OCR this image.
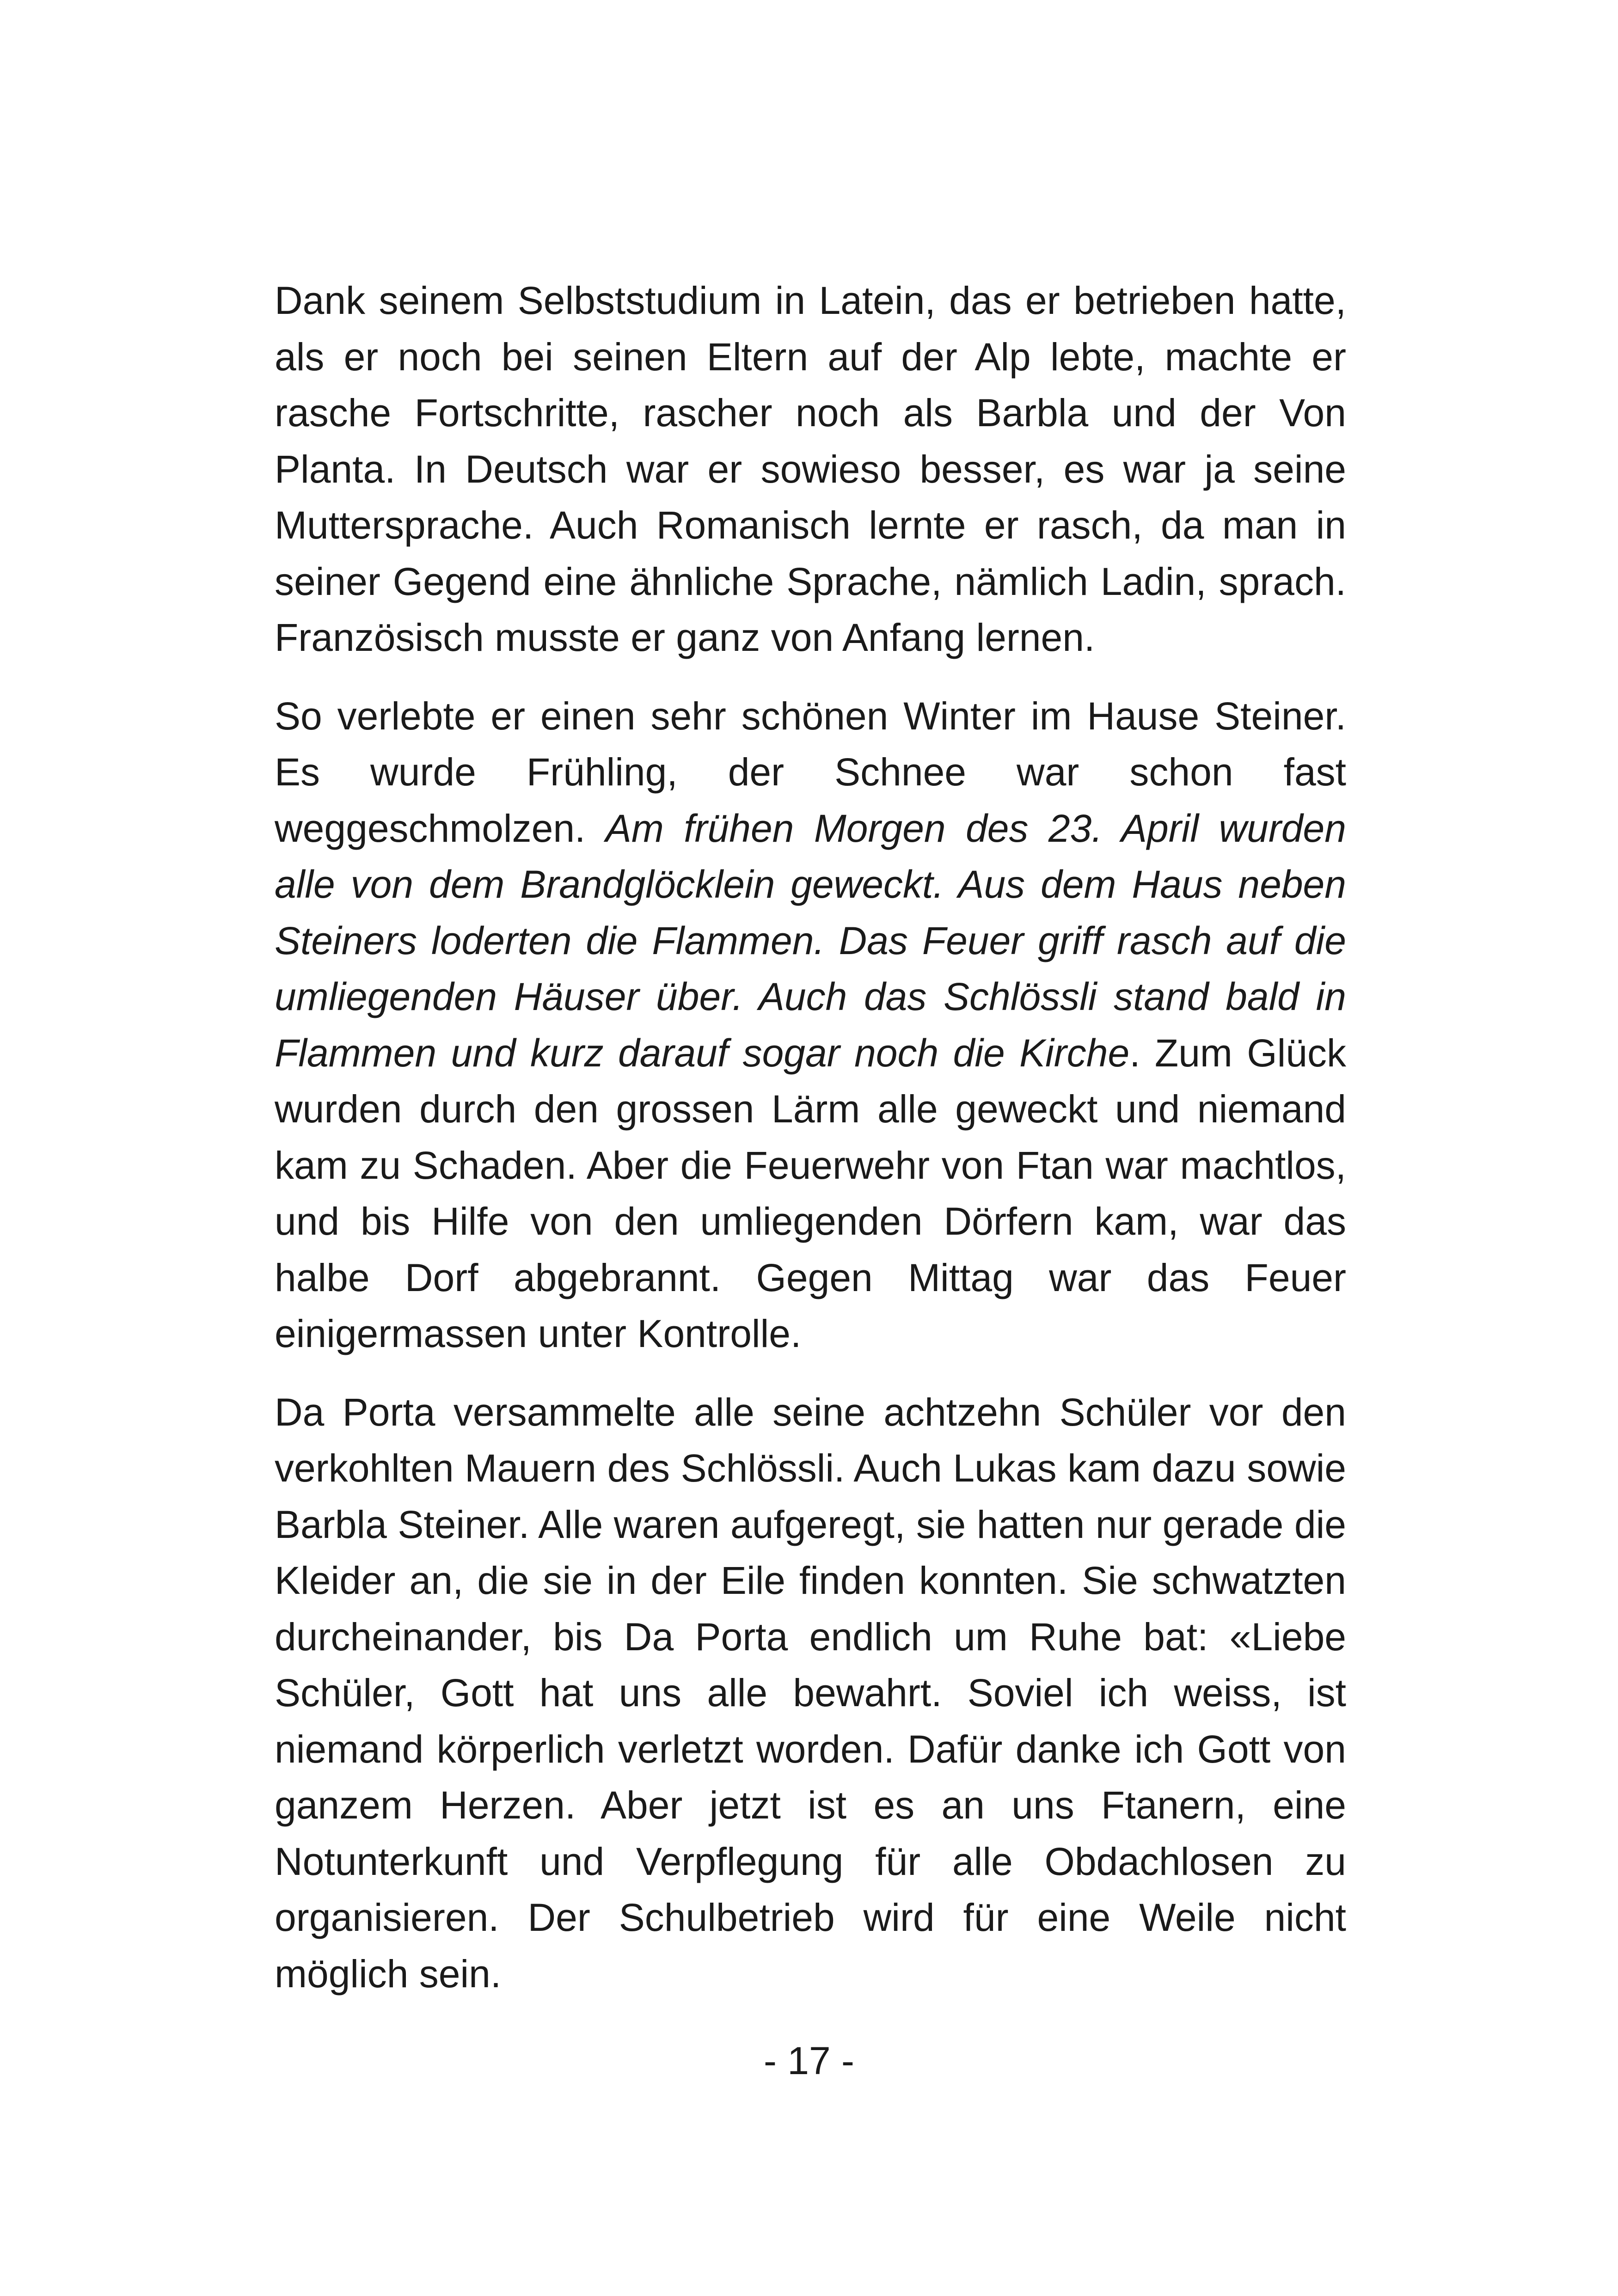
Dank seinem Selbststudium in Latein, das er betrieben hatte, als er noch bei seinen Eltern auf der Alp lebte, machte er rasche Fortschritte, rascher noch als Barbla und der Von Planta. In Deutsch war er sowieso besser, es war ja seine Muttersprache. Auch Romanisch lernte er rasch, da man in seiner Gegend eine ähnliche Sprache, nämlich Ladin, sprach. Französisch musste er ganz von Anfang lernen.

So verlebte er einen sehr schönen Winter im Hause Steiner. Es wurde Frühling, der Schnee war schon fast weggeschmolzen. Am frühen Morgen des 23. April wurden alle von dem Brandglöcklein geweckt. Aus dem Haus neben Steiners loderten die Flammen. Das Feuer griff rasch auf die umliegenden Häuser über. Auch das Schlössli stand bald in Flammen und kurz darauf sogar noch die Kirche. Zum Glück wurden durch den grossen Lärm alle geweckt und niemand kam zu Schaden. Aber die Feuerwehr von Ftan war machtlos, und bis Hilfe von den umliegenden Dörfern kam, war das halbe Dorf abgebrannt. Gegen Mittag war das Feuer einigermassen unter Kontrolle.

Da Porta versammelte alle seine achtzehn Schüler vor den verkohlten Mauern des Schlössli. Auch Lukas kam dazu sowie Barbla Steiner. Alle waren aufgeregt, sie hatten nur gerade die Kleider an, die sie in der Eile finden konnten. Sie schwatzten durcheinander, bis Da Porta endlich um Ruhe bat: «Liebe Schüler, Gott hat uns alle bewahrt. Soviel ich weiss, ist niemand körperlich verletzt worden. Dafür danke ich Gott von ganzem Herzen. Aber jetzt ist es an uns Ftanern, eine Notunterkunft und Verpflegung für alle Obdachlosen zu organisieren. Der Schulbetrieb wird für eine Weile nicht möglich sein.

- 17 -
